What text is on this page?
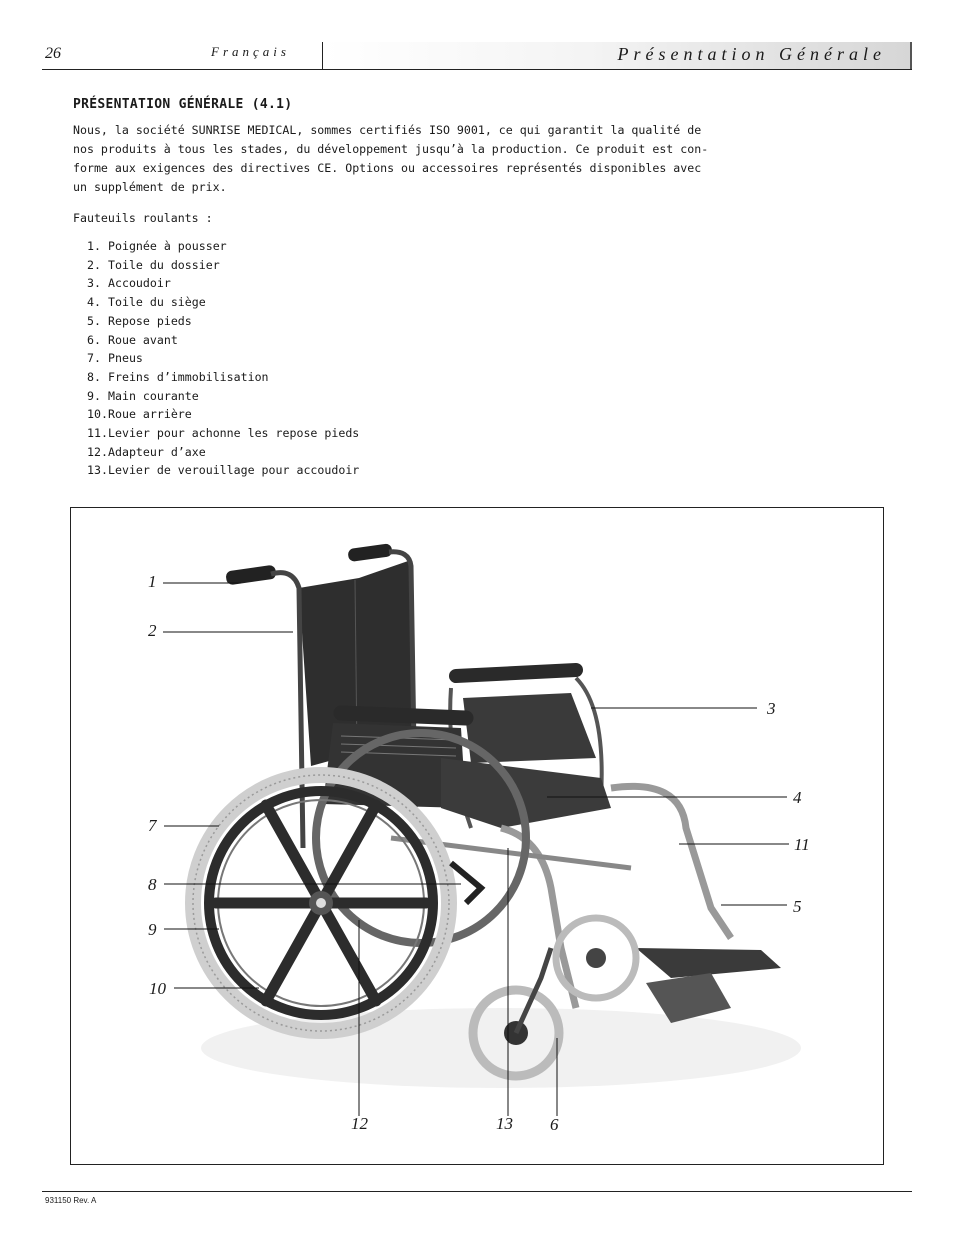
26	Français	Présentation Générale
PRÉSENTATION GÉNÉRALE (4.1)
Nous, la société SUNRISE MEDICAL, sommes certifiés ISO 9001, ce qui garantit la qualité de
nos produits à tous les stades, du développement jusqu’à la production. Ce produit est con-
forme aux exigences des directives CE. Options ou accessoires représentés disponibles avec
un supplément de prix.
Fauteuils roulants :
1. Poignée à pousser
2. Toile du dossier
3. Accoudoir
4. Toile du siège
5. Repose pieds
6. Roue avant
7. Pneus
8. Freins d’immobilisation
9. Main courante
10. Roue arrière
11. Levier pour achonne les repose pieds
12. Adapteur d’axe
13. Levier de verouillage pour accoudoir
1
2
3
4
5
6
7
8
9
10
11
12	13
931150 Rev. A
